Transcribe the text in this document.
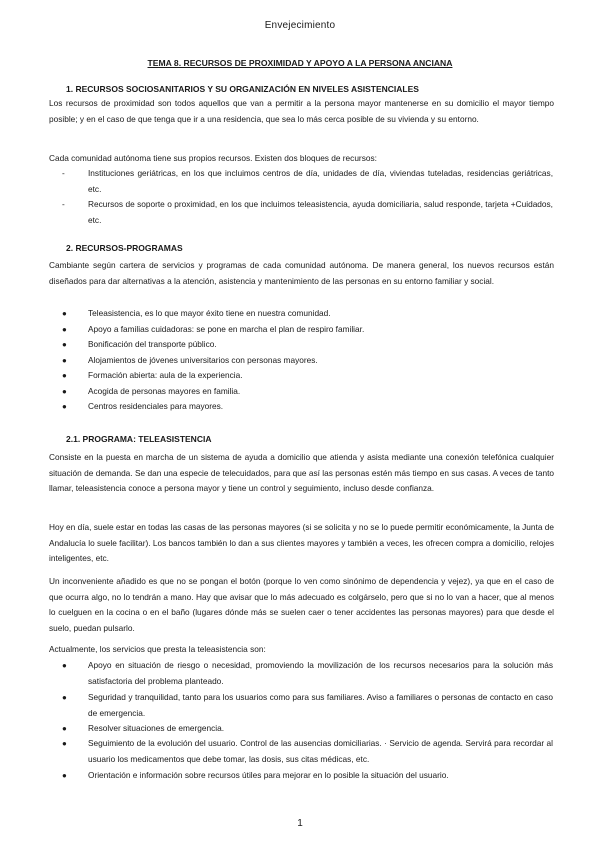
Envejecimiento
TEMA 8. RECURSOS DE PROXIMIDAD Y APOYO A LA PERSONA ANCIANA
1. RECURSOS SOCIOSANITARIOS Y SU ORGANIZACIÓN EN NIVELES ASISTENCIALES
Los recursos de proximidad son todos aquellos que van a permitir a la persona mayor mantenerse en su domicilio el mayor tiempo posible; y en el caso de que tenga que ir a una residencia, que sea lo más cerca posible de su vivienda y su entorno.
Cada comunidad autónoma tiene sus propios recursos. Existen dos bloques de recursos:
-	Instituciones geriátricas, en los que incluimos centros de día, unidades de día, viviendas tuteladas, residencias geriátricas, etc.
-	Recursos de soporte o proximidad, en los que incluimos teleasistencia, ayuda domiciliaria, salud responde, tarjeta +Cuidados, etc.
2. RECURSOS-PROGRAMAS
Cambiante según cartera de servicios y programas de cada comunidad autónoma. De manera general, los nuevos recursos están diseñados para dar alternativas a la atención, asistencia y mantenimiento de las personas en su entorno familiar y social.
●	Teleasistencia, es lo que mayor éxito tiene en nuestra comunidad.
●	Apoyo a familias cuidadoras: se pone en marcha el plan de respiro familiar.
●	Bonificación del transporte público.
●	Alojamientos de jóvenes universitarios con personas mayores.
●	Formación abierta: aula de la experiencia.
●	Acogida de personas mayores en familia.
●	Centros residenciales para mayores.
2.1. PROGRAMA: TELEASISTENCIA
Consiste en la puesta en marcha de un sistema de ayuda a domicilio que atienda y asista mediante una conexión telefónica cualquier situación de demanda. Se dan una especie de telecuidados, para que así las personas estén más tiempo en sus casas. A veces de tanto llamar, teleasistencia conoce a persona mayor y tiene un control y seguimiento, incluso desde confianza.
Hoy en día, suele estar en todas las casas de las personas mayores (si se solicita y no se lo puede permitir económicamente, la Junta de Andalucía lo suele facilitar). Los bancos también lo dan a sus clientes mayores y también a veces, les ofrecen compra a domicilio, relojes inteligentes, etc.
Un inconveniente añadido es que no se pongan el botón (porque lo ven como sinónimo de dependencia y vejez), ya que en el caso de que ocurra algo, no lo tendrán a mano. Hay que avisar que lo más adecuado es colgárselo, pero que si no lo van a hacer, que al menos lo cuelguen en la cocina o en el baño (lugares dónde más se suelen caer o tener accidentes las personas mayores) para que desde el suelo, puedan pulsarlo.
Actualmente, los servicios que presta la teleasistencia son:
●	Apoyo en situación de riesgo o necesidad, promoviendo la movilización de los recursos necesarios para la solución más satisfactoria del problema planteado.
●	Seguridad y tranquilidad, tanto para los usuarios como para sus familiares. Aviso a familiares o personas de contacto en caso de emergencia.
●	Resolver situaciones de emergencia.
●	Seguimiento de la evolución del usuario. Control de las ausencias domiciliarias. · Servicio de agenda. Servirá para recordar al usuario los medicamentos que debe tomar, las dosis, sus citas médicas, etc.
●	Orientación e información sobre recursos útiles para mejorar en lo posible la situación del usuario.
1
